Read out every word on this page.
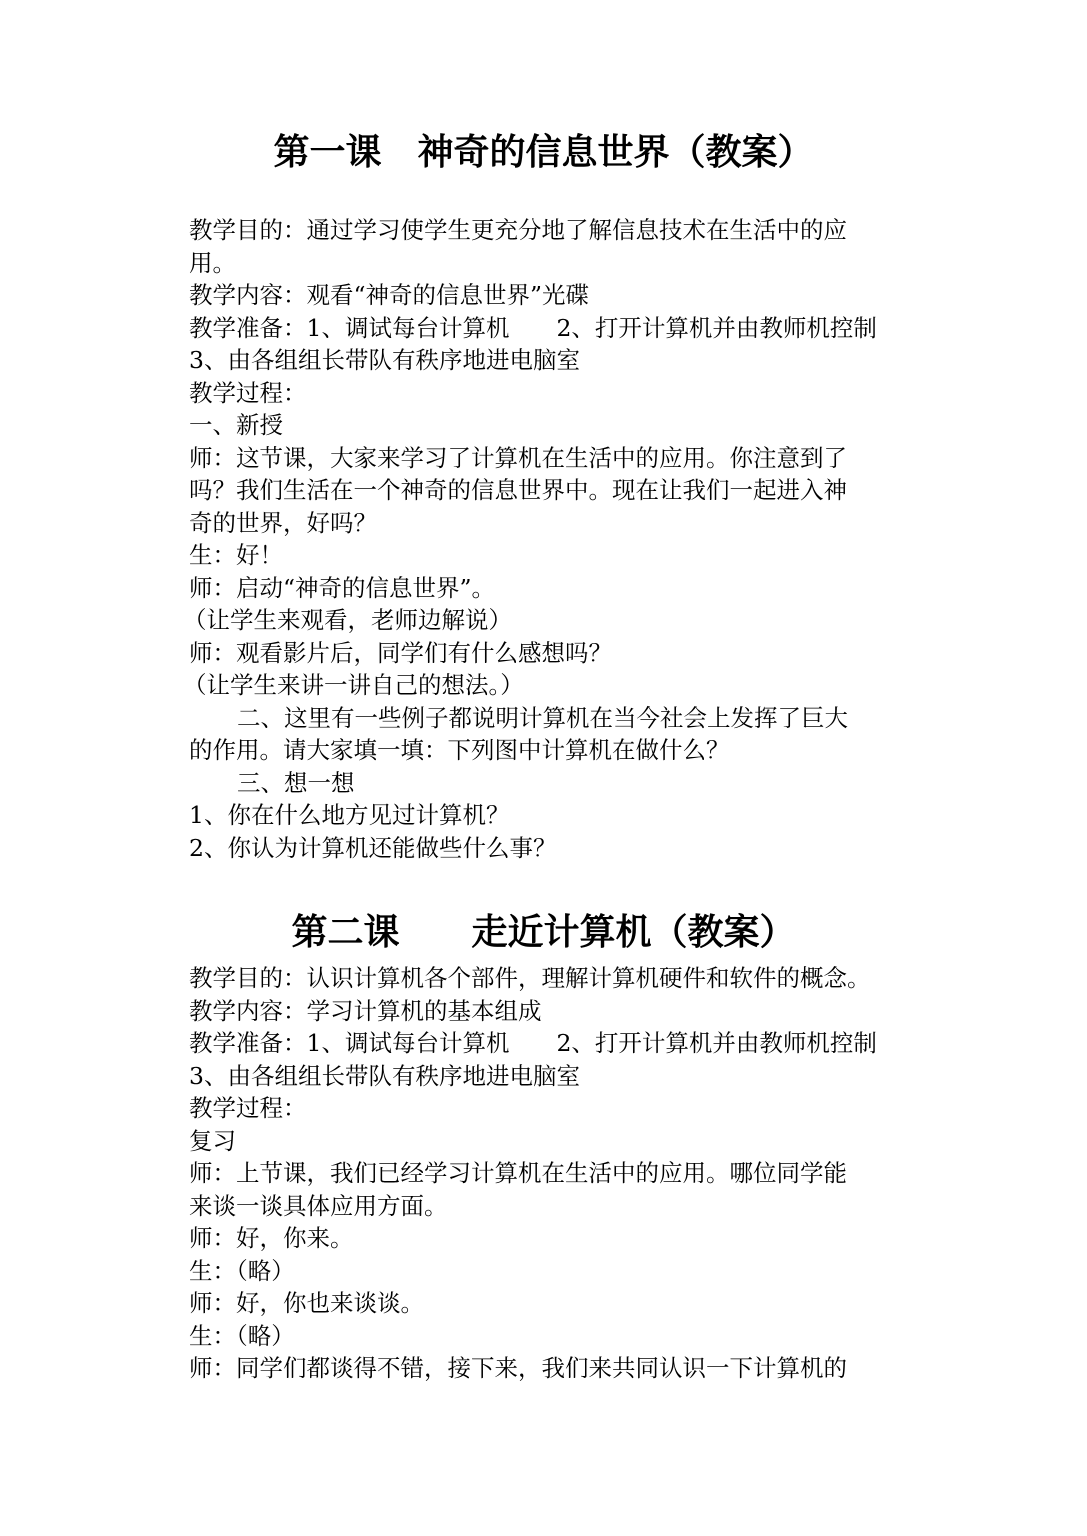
第一课　神奇的信息世界（教案）
教学目的：通过学习使学生更充分地了解信息技术在生活中的应
用。
教学内容：观看“神奇的信息世界”光碟
教学准备：1、调试每台计算机　　2、打开计算机并由教师机控制
3、由各组组长带队有秩序地进电脑室
教学过程：
一、新授
师：这节课，大家来学习了计算机在生活中的应用。你注意到了
吗？我们生活在一个神奇的信息世界中。现在让我们一起进入神
奇的世界，好吗？
生：好！
师：启动“神奇的信息世界”。
（让学生来观看，老师边解说）
师：观看影片后，同学们有什么感想吗？
（让学生来讲一讲自己的想法。）
二、这里有一些例子都说明计算机在当今社会上发挥了巨大
的作用。请大家填一填：下列图中计算机在做什么？
三、想一想
1、你在什么地方见过计算机？
2、你认为计算机还能做些什么事？
第二课　　走近计算机（教案）
教学目的：认识计算机各个部件，理解计算机硬件和软件的概念。
教学内容：学习计算机的基本组成
教学准备：1、调试每台计算机　　2、打开计算机并由教师机控制
3、由各组组长带队有秩序地进电脑室
教学过程：
复习
师：上节课，我们已经学习计算机在生活中的应用。哪位同学能
来谈一谈具体应用方面。
师：好，你来。
生：（略）
师：好，你也来谈谈。
生：（略）
师：同学们都谈得不错，接下来，我们来共同认识一下计算机的
